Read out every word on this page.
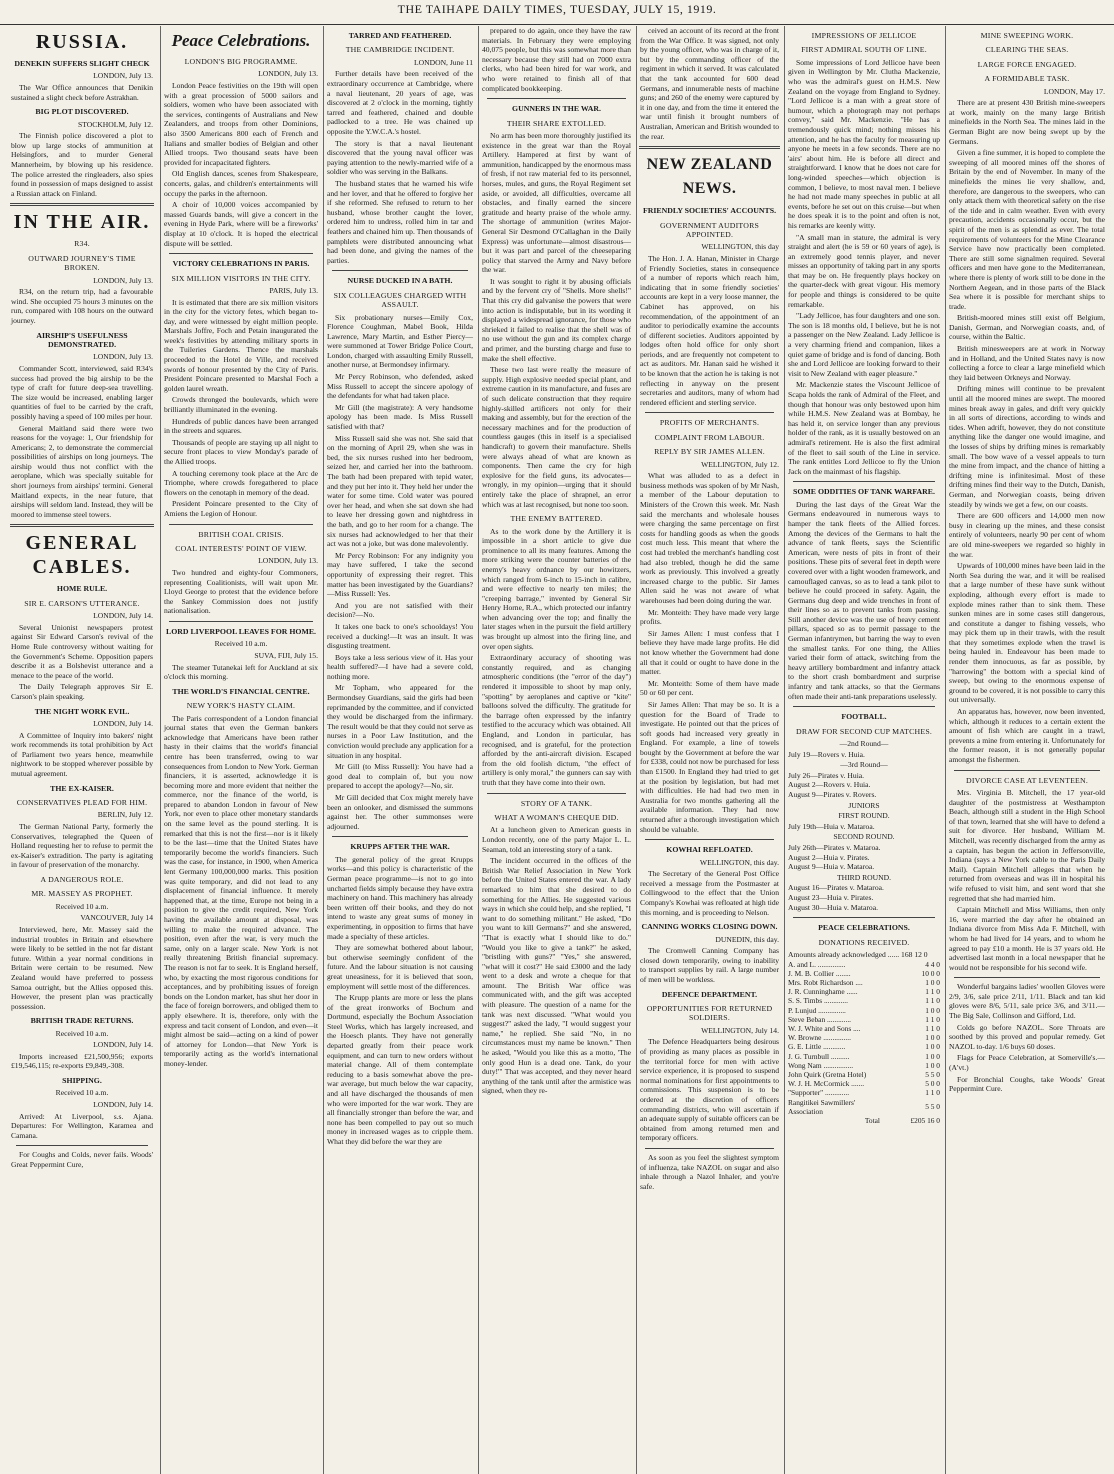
THE TAIHAPE DAILY TIMES, TUESDAY, JULY 15, 1919.
RUSSIA.
DENEKIN SUFFERS SLIGHT CHECK
LONDON, July 13.

The War Office announces that Denikin sustained a slight check before Astrakhan.

BIG PLOT DISCOVERED.
STOCKHOLM, July 12.

The Finnish police discovered a plot to blow up large stocks of ammunition at Helsingfors, and to murder General Mannerheim, by blowing up his residence. The police arrested the ringleaders, also spies found in possession of maps designed to assist a Russian attack on Finland.

IN THE AIR.
R34.
OUTWARD JOURNEY'S TIME BROKEN.
LONDON, July 13.

R34, on the return trip, had a favourable wind. She occupied 75 hours 3 minutes on the run, compared with 108 hours on the outward journey.

AIRSHIP'S USEFULNESS DEMONSTRATED.
LONDON, July 13.

Commander Scott, interviewed, said R34's success had proved the big airship to be the type of craft for future deep-sea travelling. The size would be increased, enabling larger quantities of fuel to be carried by the craft, possibly having a speed of 100 miles per hour.

General Maitland said there were two reasons for the voyage: 1, Our friendship for Americans; 2, to demonstrate the commercial possibilities of airships on long journeys. The airship would thus not conflict with the aeroplane, which was specially suitable for short journeys from airships' termini. General Maitland expects, in the near future, that airships will seldom land. Instead, they will be moored to immense steel towers.

GENERAL CABLES.
HOME RULE.
SIR E. CARSON'S UTTERANCE.
LONDON, July 14.

Several Unionist newspapers protest against Sir Edward Carson's revival of the Home Rule controversy without waiting for the Government's Scheme. Opposition papers describe it as a Bolshevist utterance and a menace to the peace of the world.

The Daily Telegraph approves Sir E. Carson's plain speaking.

THE NIGHT WORK EVIL.
LONDON, July 14.

A Committee of Inquiry into bakers' night work recommends its total prohibition by Act of Parliament two years hence, meanwhile nightwork to be stopped wherever possible by mutual agreement.

THE EX-KAISER.
CONSERVATIVES PLEAD FOR HIM.
BERLIN, July 12.

The German National Party, formerly the Conservatives, telegraphed the Queen of Holland requesting her to refuse to permit the ex-Kaiser's extradition. The party is agitating in favour of preservation of the monarchy.

A DANGEROUS ROLE.
MR. MASSEY AS PROPHET.
Received 10 a.m.
VANCOUVER, July 14

Interviewed, here, Mr. Massey said the industrial troubles in Britain and elsewhere were likely to be settled in the not far distant future. Within a year normal conditions in Britain were certain to be resumed. New Zealand would have preferred to possess Samoa outright, but the Allies opposed this. However, the present plan was practically possession.

BRITISH TRADE RETURNS.
Received 10 a.m.
LONDON, July 14.

Imports increased £21,500,956; exports £19,546,115; re-exports £9,849,-308.

SHIPPING.
Received 10 a.m.
LONDON, July 14.

Arrived: At Liverpool, s.s. Ajana. Departures: For Wellington, Karamea and Camana.

For Coughs and Colds, never fails. Woods' Great Peppermint Cure,

Peace Celebrations.
LONDON'S BIG PROGRAMME.
LONDON, July 13.

London Peace festivities on the 19th will open with a great procession of 5000 sailors and soldiers, women who have been associated with the services, contingents of Australians and New Zealanders, and troops from other Dominions, also 3500 Americans 800 each of French and Italians and smaller bodies of Belgian and other Allied troops. Two thousand seats have been provided for incapacitated fighters.

Old English dances, scenes from Shakespeare, concerts, galas, and children's entertainments will occupy the parks in the afternoon.

A choir of 10,000 voices accompanied by massed Guards bands, will give a concert in the evening in Hyde Park, where will be a fireworks' display at 10 o'clock. It is hoped the electrical dispute will be settled.

VICTORY CELEBRATIONS IN PARIS.
SIX MILLION VISITORS IN THE CITY.
PARIS, July 13.

It is estimated that there are six million visitors in the city for the victory fetes, which began to-day, and were witnessed by eight million people. Marshals Joffre, Foch and Petain inaugurated the week's festivities by attending military sports in the Tuileries Gardens. Thence the marshals proceeded to the Hotel de Ville, and received swords of honour presented by the City of Paris. President Poincare presented to Marshal Foch a golden laurel wreath.

Crowds thronged the boulevards, which were brilliantly illuminated in the evening.

Hundreds of public dances have been arranged in the streets and squares.

Thousands of people are staying up all night to secure front places to view Monday's parade of the Allied troops.

A touching ceremony took place at the Arc de Triomphe, where crowds foregathered to place flowers on the cenotaph in memory of the dead.

President Poincare presented to the City of Amiens the Legion of Honour.

BRITISH COAL CRISIS.
COAL INTERESTS' POINT OF VIEW.
LONDON, July 13.

Two hundred and eighty-four Commoners, representing Coalitionists, will wait upon Mr. Lloyd George to protest that the evidence before the Sankey Commission does not justify nationalisation.

LORD LIVERPOOL LEAVES FOR HOME.
Received 10 a.m.
SUVA, FIJI, July 15.

The steamer Tutanekai left for Auckland at six o'clock this morning.

THE WORLD'S FINANCIAL CENTRE.
NEW YORK'S HASTY CLAIM.

The Paris correspondent of a London financial journal states that even the German bankers acknowledge that Americans have been rather hasty in their claims that the world's financial centre has been transferred, owing to war consequences from London to New York. German financiers, it is asserted, acknowledge it is becoming more and more evident that neither the commerce, nor the finance of the world, is prepared to abandon London in favour of New York, nor even to place other monetary standards on the same level as the pound sterling. It is remarked that this is not the first—nor is it likely to be the last—time that the United States have temporarily become the world's financiers. Such was the case, for instance, in 1900, when America lent Germany 100,000,000 marks. This position was quite temporary, and did not lead to any displacement of financial influence. It merely happened that, at the time, Europe not being in a position to give the credit required, New York having the available amount at disposal, was willing to make the required advance. The position, even after the war, is very much the same, only on a larger scale. New York is not really threatening British financial supremacy. The reason is not far to seek. It is England herself, who, by exacting the most rigorous conditions for acceptances, and by prohibiting issues of foreign bonds on the London market, has shut her door in the face of foreign borrowers, and obliged them to apply elsewhere. It is, therefore, only with the express and tacit consent of London, and even—it might almost be said—acting on a kind of power of attorney for London—that New York is temporarily acting as the world's international money-lender.

TARRED AND FEATHERED.
THE CAMBRIDGE INCIDENT.
LONDON, June 11

Further details have been received of the extraordinary occurrence at Cambridge, where a naval lieutenant, 20 years of age, was discovered at 2 o'clock in the morning, tightly tarred and feathered, chained and double padlocked to a tree. He was chained up opposite the Y.W.C.A.'s hostel.

The story is that a naval lieutenant discovered that the young naval officer was paying attention to the newly-married wife of a soldier who was serving in the Balkans.

The husband states that he warned his wife and her lover, and that he offered to forgive her if she reformed. She refused to return to her husband, whose brother caught the lover, ordered him to undress, rolled him in tar and feathers and chained him up. Then thousands of pamphlets were distributed announcing what had been done, and giving the names of the parties.

NURSE DUCKED IN A BATH.
SIX COLLEAGUES CHARGED WITH ASSAULT.

Six probationary nurses—Emily Cox, Florence Coughman, Mabel Book, Hilda Lawrence, Mary Martin, and Esther Piercy—were summoned at Tower Bridge Police Court, London, charged with assaulting Emily Russell, another nurse, at Bermondsey infirmary.

Mr Percy Robinson, who defended, asked Miss Russell to accept the sincere apology of the defendants for what had taken place.

Mr Gill (the magistrate): A very handsome apology has been made. Is Miss Russell satisfied with that?

Miss Russell said she was not. She said that on the morning of April 29, when she was in bed, the six nurses rushed into her bedroom, seized her, and carried her into the bathroom. The bath had been prepared with tepid water, and they put her into it. They held her under the water for some time. Cold water was poured over her head, and when she sat down she had to leave her dressing gown and nightdress in the bath, and go to her room for a change. The six nurses had acknowledged to her that their act was not a joke, but was done malevolently.

Mr Percy Robinson: For any indignity you may have suffered, I take the second opportunity of expressing their regret. This matter has been investigated by the Guardians?—Miss Russell: Yes.

And you are not satisfied with their decision?—No.

It takes one back to one's schooldays! You received a ducking!—It was an insult. It was disgusting treatment.

Boys take a less serious view of it. Has your health suffered?—I have had a severe cold, nothing more.

Mr Topham, who appeared for the Bermondsey Guardians, said the girls had been reprimanded by the committee, and if convicted they would be discharged from the infirmary. The result would be that they could not serve as nurses in a Poor Law Institution, and the conviction would preclude any application for a situation in any hospital.

Mr Gill (to Miss Russell): You have had a good deal to complain of, but you now prepared to accept the apology?—No, sir.

Mr Gill decided that Cox might merely have been an onlooker, and dismissed the summons against her. The other summonses were adjourned.

KRUPPS AFTER THE WAR.

The general policy of the great Krupps works—and this policy is characteristic of the German peace programme—is not to go into uncharted fields simply because they have extra machinery on hand. This machinery has already been written off their books, and they do not intend to waste any great sums of money in experimenting, in opposition to firms that have made a specialty of these articles.

They are somewhat bothered about labour, but otherwise seemingly confident of the future. And the labour situation is not causing great uneasiness, for it is believed that soon, employment will settle most of the differences.

The Krupp plants are more or less the plans of the great ironworks of Bochum and Dortmund, especially the Bochum Association Steel Works, which has largely increased, and the Hoesch plants. They have not generally departed greatly from their peace work equipment, and can turn to new orders without material change. All of them contemplate reducing to a basis somewhat above the pre-war average, but much below the war capacity, and all have discharged the thousands of men who were imported for the war work. They are all financially stronger than before the war, and none has been compelled to pay out so much money in increased wages as to cripple them. What they did before the war they are

prepared to do again, once they have the raw materials. In February they were employing 40,075 people, but this was somewhat more than necessary because they still had on 7000 extra clerks, who had been hired for war work, and who were retained to finish all of that complicated bookkeeping.

GUNNERS IN THE WAR.
THEIR SHARE EXTOLLED.

No arm has been more thoroughly justified its existence in the great war than the Royal Artillery. Hampered at first by want of ammunition, handicapped by the enormous mass of fresh, if not raw material fed to its personnel, horses, mules, and guns, the Royal Regiment set aside, or avoided, all difficulties, overcame all obstacles, and finally earned the sincere gratitude and hearty praise of the whole army. The shortage of ammunition (writes Major-General Sir Desmond O'Callaghan in the Daily Express) was unfortunate—almost disastrous—but it was part and parcel of the cheeseparing policy that starved the Army and Navy before the war.

It was sought to right it by abusing officials and by the fervent cry of "Shells. More shells!" That this cry did galvanise the powers that were into action is indisputable, but in its wording it displayed a widespread ignorance, for those who shrieked it failed to realise that the shell was of no use without the gun and its complex charge and primer, and the bursting charge and fuse to make the shell effective.

These two last were really the measure of supply. High explosive needed special plant, and extreme caution in its manufacture, and fuses are of such delicate construction that they require highly-skilled artificers not only for their making and assembly, but for the erection of the necessary machines and for the production of countless gauges (this in itself is a specialised handicraft) to govern their manufacture. Shells were always ahead of what are known as components. Then came the cry for high explosive for the field guns, its advocates—wrongly, in my opinion—urging that it should entirely take the place of shrapnel, an error which was at last recognised, but none too soon.

THE ENEMY BATTERED.

As to the work done by the Artillery it is impossible in a short article to give due prominence to all its many features. Among the more striking were the counter batteries of the enemy's heavy ordnance by our howitzers, which ranged from 6-inch to 15-inch in calibre, and were effective to nearly ten miles; the "creeping barrage," invented by General Sir Henry Horne, R.A., which protected our infantry when advancing over the top; and finally the later stages when in the pursuit the field artillery was brought up almost into the firing line, and over open sights.

Extraordinary accuracy of shooting was constantly required, and as changing atmospheric conditions (the "error of the day") rendered it impossible to shoot by map only, "spotting" by aeroplanes and captive or "kite" balloons solved the difficulty. The gratitude for the barrage often expressed by the infantry testified to the accuracy which was obtained. All England, and London in particular, has recognised, and is grateful, for the protection afforded by the anti-aircraft division. Escaped from the old foolish dictum, "the effect of artillery is only moral," the gunners can say with truth that they have come into their own.

STORY OF A TANK.
WHAT A WOMAN'S CHEQUE DID.

At a luncheon given to American guests in London recently, one of the party Major L. L. Seaman, told an interesting story of a tank.

The incident occurred in the offices of the British War Relief Association in New York before the United States entered the war. A lady remarked to him that she desired to do something for the Allies. He suggested various ways in which she could help, and she replied, "I want to do something militant." He asked, "Do you want to kill Germans?" and she answered, "That is exactly what I should like to do." "Would you like to give a tank?" he asked, "bristling with guns?" "Yes," she answered, "what will it cost?" He said £3000 and the lady went to a desk and wrote a cheque for that amount. The British War office was communicated with, and the gift was accepted with pleasure. The question of a name for the tank was next discussed. "What would you suggest?" asked the lady, "I would suggest your name," he replied. She said "No, in no circumstances must my name be known." Then he asked, "Would you like this as a motto, 'The only good Hun is a dead one. Tank, do your duty!'" That was accepted, and they never heard anything of the tank until after the armistice was signed, when they re-

ceived an account of its record at the front from the War Office. It was signed, not only by the young officer, who was in charge of it, but by the commanding officer of the regiment in which it served. It was calculated that the tank accounted for 600 dead Germans, and innumerable nests of machine guns; and 260 of the enemy were captured by it in one day, and from the time it entered the war until finish it brought numbers of Australian, American and British wounded to the rear.

NEW ZEALAND NEWS.
FRIENDLY SOCIETIES' ACCOUNTS.
GOVERNMENT AUDITORS APPOINTED.
WELLINGTON, this day

The Hon. J. A. Hanan, Minister in Charge of Friendly Societies, states in consequence of a number of reports which reach him, indicating that in some friendly societies' accounts are kept in a very loose manner, the Cabinet has approved, on his recommendation, of the appointment of an auditor to periodically examine the accounts of different societies. Auditors appointed by lodges often hold office for only short periods, and are frequently not competent to act as auditors. Mr. Hanan said he wished it to be known that the action he is taking is not reflecting in anyway on the present secretaries and auditors, many of whom had rendered efficient and sterling service.

PROFITS OF MERCHANTS.
COMPLAINT FROM LABOUR.
REPLY BY SIR JAMES ALLEN.
WELLINGTON, July 12.

What was alluded to as a defect in business methods was spoken of by Mr Nash, a member of the Labour deputation to Ministers of the Crown this week. Mr. Nash said the merchants and wholesale houses were charging the same percentage on first costs for handling goods as when the goods cost much less. This meant that where the cost had trebled the merchant's handling cost had also trebled, though he did the same work as previously. This involved a greatly increased charge to the public. Sir James Allen said he was not aware of what warehouses had been doing during the war.

Mr. Monteith: They have made very large profits.

Sir James Allen: I must confess that I believe they have made large profits. He did not know whether the Government had done all that it could or ought to have done in the matter.

Mr. Monteith: Some of them have made 50 or 60 per cent.

Sir James Allen: That may be so. It is a question for the Board of Trade to investigate. He pointed out that the prices of soft goods had increased very greatly in England. For example, a line of towels bought by the Government at before the war for £338, could not now be purchased for less than £1500. In England they had tried to get at the position by legislation, but had met with difficulties. He had had two men in Australia for two months gathering all the available information. They had now returned after a thorough investigation which should be valuable.

KOWHAI REFLOATED.
WELLINGTON, this day.

The Secretary of the General Post Office received a message from the Postmaster at Collingwood to the effect that the Union Company's Kowhai was refloated at high tide this morning, and is proceeding to Nelson.

CANNING WORKS CLOSING DOWN.
DUNEDIN, this day.

The Cromwell Canning Company has closed down temporarily, owing to inability to transport supplies by rail. A large number of men will be workless.

DEFENCE DEPARTMENT.
OPPORTUNITIES FOR RETURNED SOLDIERS.
WELLINGTON, July 14.

The Defence Headquarters being desirous of providing as many places as possible in the territorial force for men with active service experience, it is proposed to suspend normal nominations for first appointments to commissions. This suspension is to be ordered at the discretion of officers commanding districts, who will ascertain if an adequate supply of suitable officers can be obtained from among returned men and temporary officers.

As soon as you feel the slightest symptom of influenza, take NAZOL on sugar and also inhale through a Nazol Inhaler, and you're safe.

IMPRESSIONS OF JELLICOE
FIRST ADMIRAL SOUTH OF LINE.

Some impressions of Lord Jellicoe have been given in Wellington by Mr. Clutha Mackenzie, who was the admiral's guest on H.M.S. New Zealand on the voyage from England to Sydney. "Lord Jellicoe is a man with a great store of humour, which a photograph may not perhaps convey," said Mr. Mackenzie. "He has a tremendously quick mind; nothing misses his attention, and he has the faculty for measuring up anyone he meets in a few seconds. There are no 'airs' about him. He is before all direct and straightforward. I know that he does not care for long-winded speeches—which objection is common, I believe, to most naval men. I believe he had not made many speeches in public at all events, before he set out on this cruise—but when he does speak it is to the point and often is not, his remarks are keenly witty.

"A small man in stature, the admiral is very straight and alert (he is 59 or 60 years of age), is an extremely good tennis player, and never misses an opportunity of taking part in any sports that may be on. He frequently plays hockey on the quarter-deck with great vigour. His memory for people and things is considered to be quite remarkable.

"Lady Jellicoe, has four daughters and one son. The son is 18 months old, I believe, but he is not a passenger on the New Zealand. Lady Jellicoe is a very charming friend and companion, likes a quiet game of bridge and is fond of dancing. Both she and Lord Jellicoe are looking forward to their visit to New Zealand with eager pleasure."

Mr. Mackenzie states the Viscount Jellicoe of Scapa holds the rank of Admiral of the Fleet, and though that honour was only bestowed upon him while H.M.S. New Zealand was at Bombay, he has held it, on service longer than any previous holder of the rank, as it is usually bestowed on an admiral's retirement. He is also the first admiral of the fleet to sail south of the Line in service. The rank entitles Lord Jellicoe to fly the Union Jack on the mainmast of his flagship.

SOME ODDITIES OF TANK WARFARE.

During the last days of the Great War the Germans endeavoured in numerous ways to hamper the tank fleets of the Allied forces. Among the devices of the Germans to halt the advance of tank fleets, says the Scientific American, were nests of pits in front of their positions. These pits of several feet in depth were covered over with a light wooden framework, and camouflaged canvas, so as to lead a tank pilot to believe he could proceed in safety. Again, the Germans dug deep and wide trenches in front of their lines so as to prevent tanks from passing. Still another device was the use of heavy cement pillars, spaced so as to permit passage to the German infantrymen, but barring the way to even the smallest tanks. For one thing, the Allies varied their form of attack, switching from the heavy artillery bombardment and infantry attack to the short crash bombardment and surprise infantry and tank attacks, so that the Germans often made their anti-tank preparations uselessly.

FOOTBALL.
DRAW FOR SECOND CUP MATCHES.
—2nd Round—
July 19—Rovers v. Huia.
—3rd Round—
July 26—Pirates v. Huia.
August 2—Rovers v. Huia.
August 9—Pirates v. Rovers.
JUNIORS
FIRST ROUND.
July 19th—Huia v. Mataroa.
SECOND ROUND.
July 26th—Pirates v. Mataroa.
August 2—Huia v. Pirates.
August 9—Huia v. Mataroa.
THIRD ROUND.
August 16—Pirates v. Mataroa.
August 23—Huia v. Pirates.
August 30—Huia v. Mataroa.
PEACE CELEBRATIONS.
DONATIONS RECEIVED.
Amounts already acknowledged ...... 168 12 0
A. and L. ...............	4 4 0
J. M. B. Collier ........	10 0 0
Mrs. Robt Richardson ....	1 0 0
J. R. Cunninghame ......	1 1 0
S. S. Timbs .............	1 1 0
P. Lunjud ...............	1 0 0
Steve Beban .............	1 1 0
W. J. White and Sons ....	1 1 0
W. Browne ...............	1 0 0
G. E. Little ............	1 0 0
J. G. Turnbull ..........	1 0 0
Wong Nam ................	1 0 0
John Quirk (Gretna Hotel)	5 5 0
W. J. H. McCormick .......	5 0 0
"Supporter" .............	1 1 0
Rangitikei Sawmillers' Association	5 5 0
Total	£205 16 0
MINE SWEEPING WORK.
CLEARING THE SEAS.
LARGE FORCE ENGAGED.
A FORMIDABLE TASK.
LONDON, May 17.

There are at present 430 British mine-sweepers at work, mainly on the many large British minefields in the North Sea. The mines laid in the German Bight are now being swept up by the Germans.

Given a fine summer, it is hoped to complete the sweeping of all moored mines off the shores of Britain by the end of November. In many of the minefields the mines lie very shallow, and, therefore, are dangerous to the sweepers, who can only attack them with theoretical safety on the rise of the tide and in calm weather. Even with every precaution, accidents occasionally occur, but the spirit of the men is as splendid as ever. The total requirements of volunteers for the Mine Clearance Service have now practically been completed. There are still some signalmen required. Several officers and men have gone to the Mediterranean, where there is plenty of work still to be done in the Northern Aegean, and in those parts of the Black Sea where it is possible for merchant ships to trade.

British-moored mines still exist off Belgium, Danish, German, and Norwegian coasts, and, of course, within the Baltic.

British minesweepers are at work in Norway and in Holland, and the United States navy is now collecting a force to clear a large minefield which they laid between Orkneys and Norway.

Drifting mines will continue to be prevalent until all the moored mines are swept. The moored mines break away in gales, and drift very quickly in all sorts of directions, according to winds and tides. When adrift, however, they do not constitute anything like the danger one would imagine, and the losses of ships by drifting mines is remarkably small. The bow wave of a vessel appeals to turn the mine from impact, and the chance of hitting a drifting mine is infinitesimal. Most of these drifting mines find their way to the Dutch, Danish, German, and Norwegian coasts, being driven steadily by winds we get a few, on our coasts.

There are 600 officers and 14,000 men now busy in clearing up the mines, and these consist entirely of volunteers, nearly 90 per cent of whom are old mine-sweepers we regarded so highly in the war.

Upwards of 100,000 mines have been laid in the North Sea during the war, and it will be realised that a large number of these have sunk without exploding, although every effort is made to explode mines rather than to sink them. These sunken mines are in some cases still dangerous, and constitute a danger to fishing vessels, who may pick them up in their trawls, with the result that they sometimes explode when the trawl is being hauled in. Endeavour has been made to render them innocuous, as far as possible, by "harrowing" the bottom with a special kind of sweep, but owing to the enormous expense of ground to be covered, it is not possible to carry this out universally.

An apparatus has, however, now been invented, which, although it reduces to a certain extent the amount of fish which are caught in a trawl, prevents a mine from entering it. Unfortunately for the former reason, it is not generally popular amongst the fishermen.

DIVORCE CASE AT LEVENTEEN.

Mrs. Virginia B. Mitchell, the 17 year-old daughter of the postmistress at Westhampton Beach, although still a student in the High School of that town, learned that she will have to defend a suit for divorce. Her husband, William M. Mitchell, was recently discharged from the army as a captain, has begun the action in Jeffersonville, Indiana (says a New York cable to the Paris Daily Mail). Captain Mitchell alleges that when he returned from overseas and was ill in hospital his wife refused to visit him, and sent word that she regretted that she had married him.

Captain Mitchell and Miss Williams, then only 16, were married the day after he obtained an Indiana divorce from Miss Ada F. Mitchell, with whom he had lived for 14 years, and to whom he agreed to pay £10 a month. He is 37 years old. He advertised last month in a local newspaper that he would not be responsible for his second wife.

Wonderful bargains ladies' woollen Gloves were 2/9, 3/6, sale price 2/11, 1/11. Black and tan kid gloves were 8/6, 5/11, sale price 3/6, and 3/11.—The Big Sale, Collinson and Gifford, Ltd.

Colds go before NAZOL. Sore Throats are soothed by this proved and popular remedy. Get NAZOL to-day. 1/6 buys 60 doses.

Flags for Peace Celebration, at Somerville's.—(A'vt.)

For Bronchial Coughs, take Woods' Great Peppermint Cure.
